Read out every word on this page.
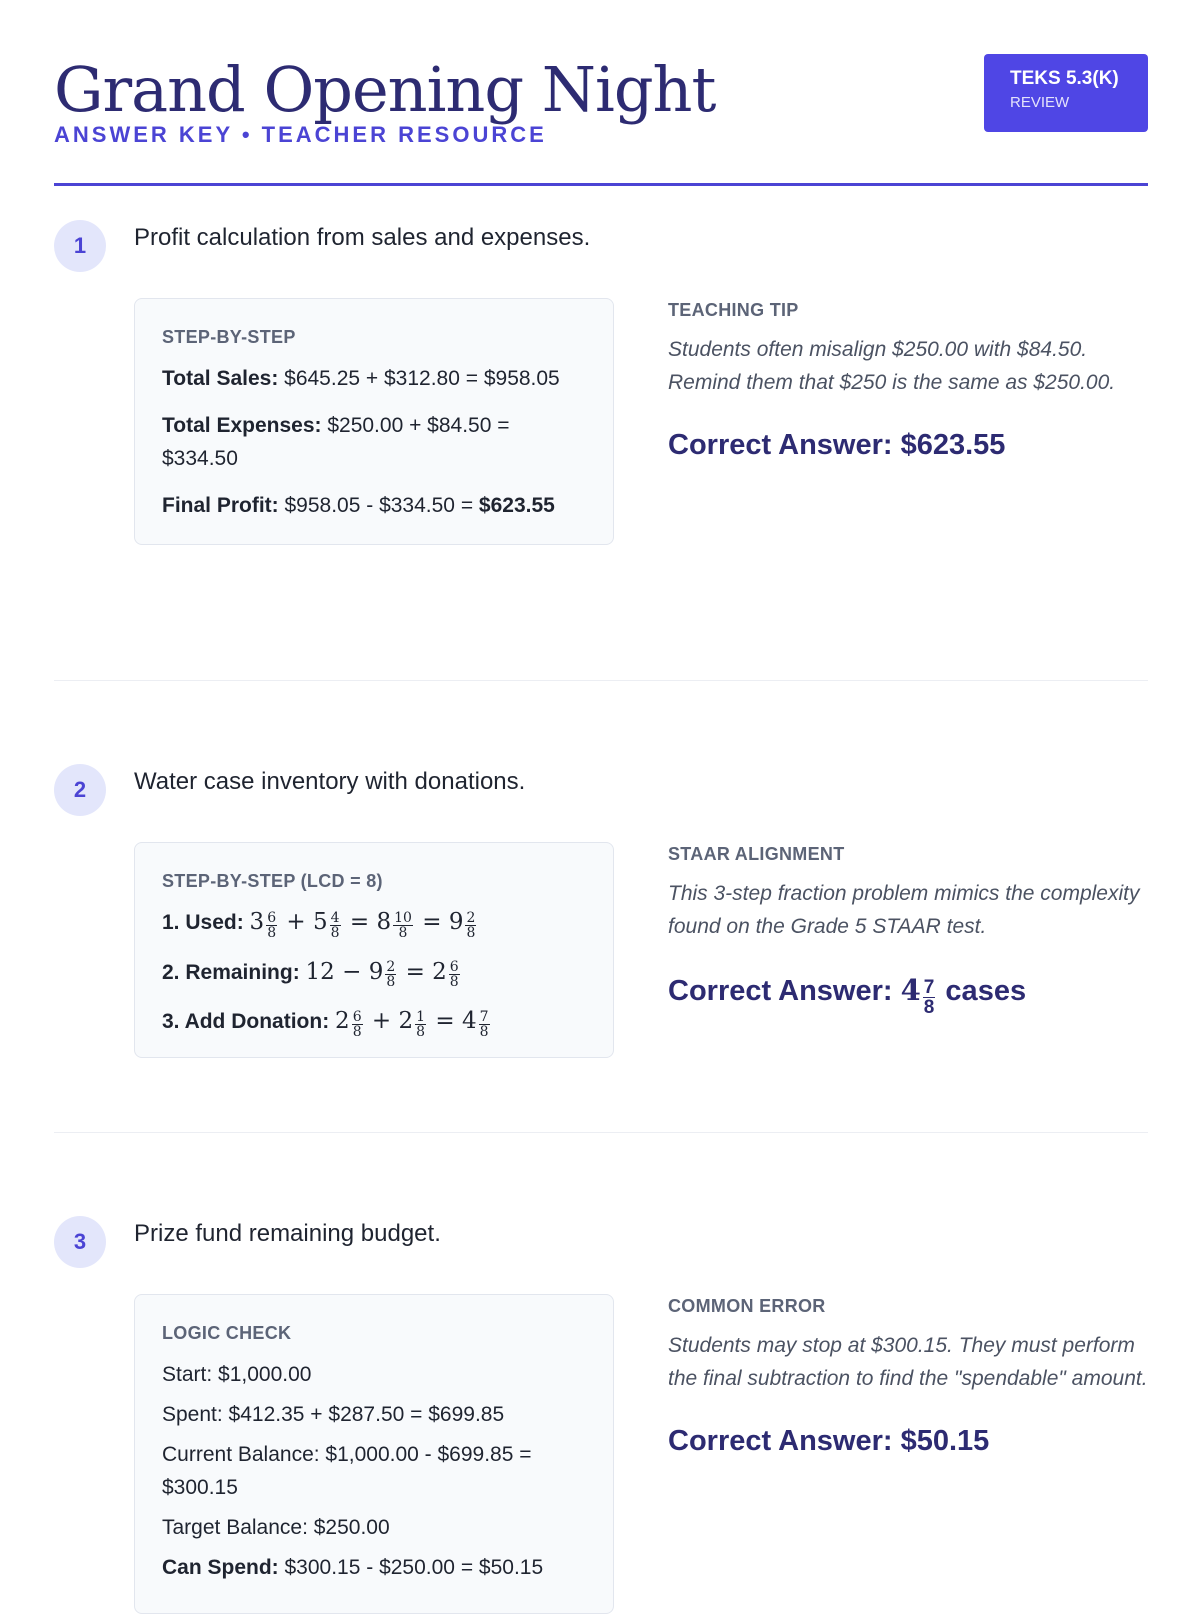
Grand Opening Night
ANSWER KEY • TEACHER RESOURCE
TEKS 5.3(K)
REVIEW
1	Profit calculation from sales and expenses.
STEP-BY-STEP
Total Sales: $645.25 + $312.80 = $958.05
Total Expenses: $250.00 + $84.50 = $334.50
Final Profit: $958.05 - $334.50 = $623.55
TEACHING TIP
Students often misalign $250.00 with $84.50. Remind them that $250 is the same as $250.00.
Correct Answer: $623.55
2	Water case inventory with donations.
STEP-BY-STEP (LCD = 8)
1. Used: $3 \frac{6}{8} + 5 \frac{4}{8} = 8 \frac{10}{8} = 9 \frac{2}{8}$
2. Remaining: $12 - 9 \frac{2}{8} = 2 \frac{6}{8}$
3. Add Donation: $2 \frac{6}{8} + 2 \frac{1}{8} = 4 \frac{7}{8}$
STAAR ALIGNMENT
This 3-step fraction problem mimics the complexity found on the Grade 5 STAAR test.
Correct Answer: $4 \frac{7}{8}$ cases
3	Prize fund remaining budget.
LOGIC CHECK
Start: $1,000.00
Spent: $412.35 + $287.50 = $699.85
Current Balance: $1,000.00 - $699.85 = $300.15
Target Balance: $250.00
Can Spend: $300.15 - $250.00 = $50.15
COMMON ERROR
Students may stop at $300.15. They must perform the final subtraction to find the "spendable" amount.
Correct Answer: $50.15
